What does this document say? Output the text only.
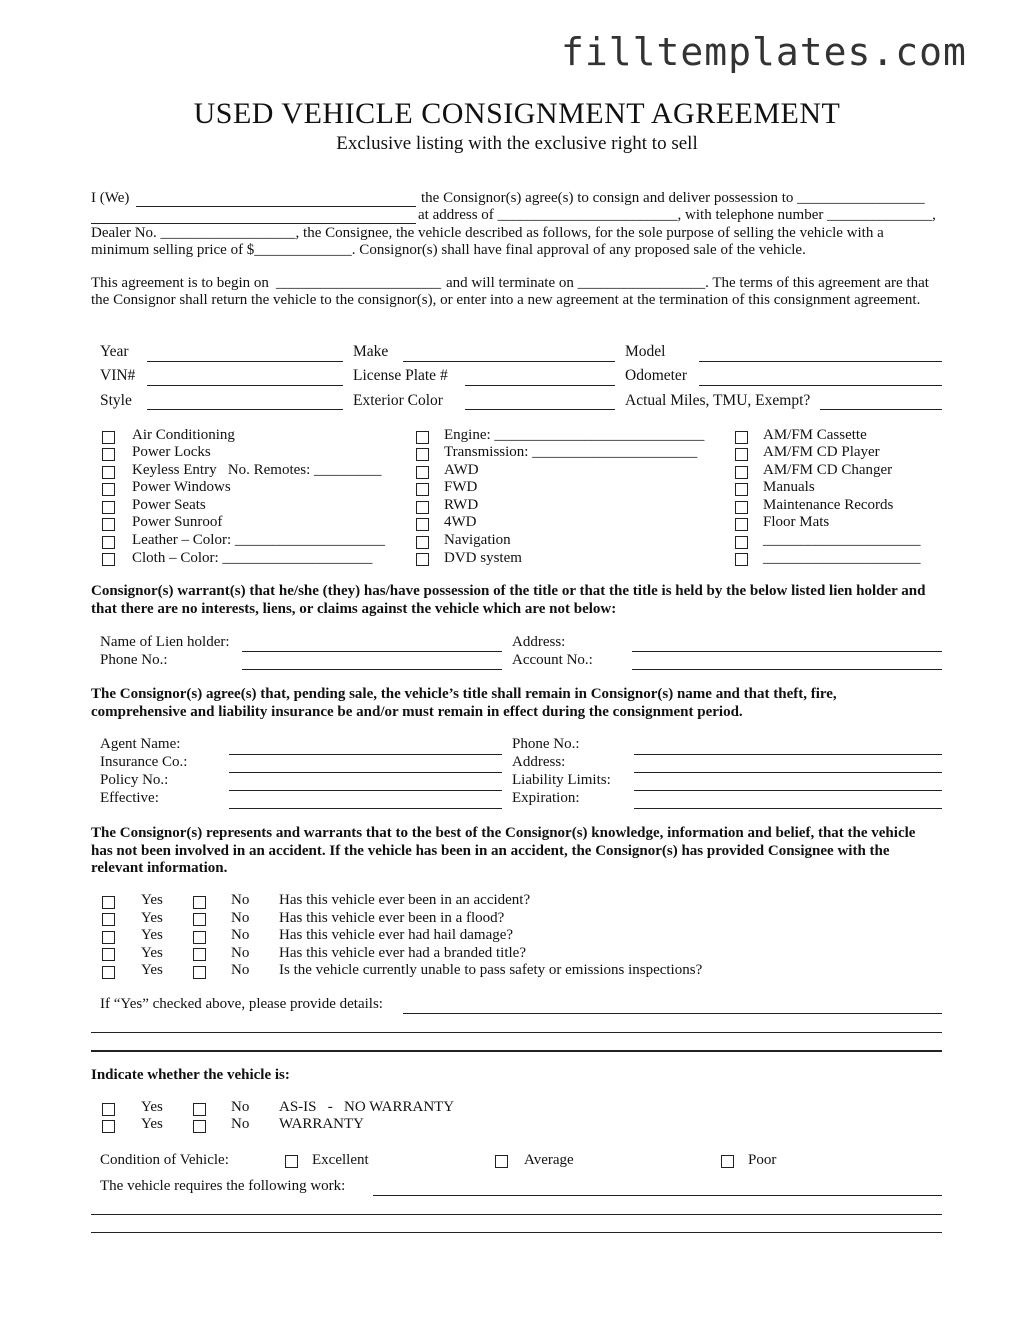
filltemplates.com
USED VEHICLE CONSIGNMENT AGREEMENT
Exclusive listing with the exclusive right to sell
I (We)	the Consignor(s) agree(s) to consign and deliver possession to _________________
at address of ________________________, with telephone number ______________,
Dealer No. __________________, the Consignee, the vehicle described as follows, for the sole purpose of selling the vehicle with a
minimum selling price of $_____________. Consignor(s) shall have final approval of any proposed sale of the vehicle.
This agreement is to begin on ______________________ and will terminate on _________________. The terms of this agreement are that
the Consignor shall return the vehicle to the consignor(s), or enter into a new agreement at the termination of this consignment agreement.
Year	Make	Model
VIN#	License Plate #	Odometer
Style	Exterior Color	Actual Miles, TMU, Exempt?
Air Conditioning
Power Locks
Keyless Entry   No. Remotes: _________
Power Windows
Power Seats
Power Sunroof
Leather – Color: ____________________
Cloth – Color: ____________________
Engine: ____________________________
Transmission: ______________________
AWD
FWD
RWD
4WD
Navigation
DVD system
AM/FM Cassette
AM/FM CD Player
AM/FM CD Changer
Manuals
Maintenance Records
Floor Mats
_____________________
_____________________
Consignor(s) warrant(s) that he/she (they) has/have possession of the title or that the title is held by the below listed lien holder and
that there are no interests, liens, or claims against the vehicle which are not below:
Name of Lien holder:	Address:
Phone No.:	Account No.:
The Consignor(s) agree(s) that, pending sale, the vehicle’s title shall remain in Consignor(s) name and that theft, fire,
comprehensive and liability insurance be and/or must remain in effect during the consignment period.
Agent Name:	Phone No.:
Insurance Co.:	Address:
Policy No.:	Liability Limits:
Effective:	Expiration:
The Consignor(s) represents and warrants that to the best of the Consignor(s) knowledge, information and belief, that the vehicle
has not been involved in an accident. If the vehicle has been in an accident, the Consignor(s) has provided Consignee with the
relevant information.
Yes	No Has this vehicle ever been in an accident?
Yes	No Has this vehicle ever been in a flood?
Yes	No Has this vehicle ever had hail damage?
Yes	No Has this vehicle ever had a branded title?
Yes	No Is the vehicle currently unable to pass safety or emissions inspections?
If “Yes” checked above, please provide details:
Indicate whether the vehicle is:
Yes	No AS-IS   -   NO WARRANTY
Yes	No WARRANTY
Condition of Vehicle:	Excellent	Average	Poor
The vehicle requires the following work:
